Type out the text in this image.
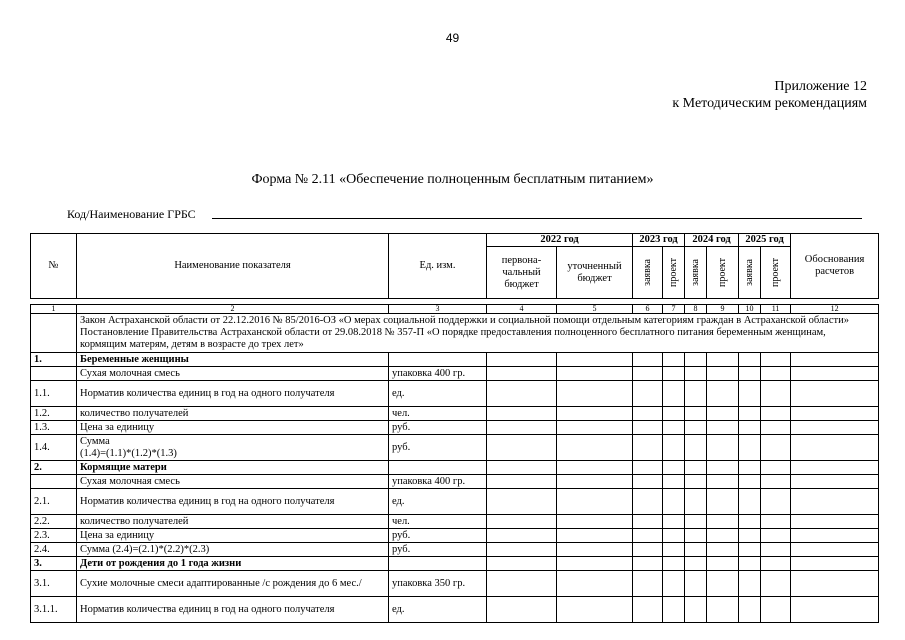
49
Приложение 12
к Методическим рекомендациям
Форма № 2.11 «Обеспечение полноценным бесплатным питанием»
Код/Наименование ГРБС
№	Наименование показателя	Ед. изм.	2022 год		2023 год		2024 год		2025 год		Обоснования расчетов
			первона-чальный бюджет	уточненный бюджет	заявка	проект	заявка	проект	заявка	проект	

1	2	3	4	5	6	7	8	9	10	11	12

	Закон Астраханской области от 22.12.2016 № 85/2016-ОЗ «О мерах социальной поддержки и социальной помощи отдельным категориям граждан в Астраханской области»
Постановление Правительства Астраханской области от 29.08.2018 № 357-П «О порядке предоставления полноценного бесплатного питания беременным женщинам, кормящим матерям, детям в возрасте до трех лет»										

1.	Беременные женщины										
	Сухая молочная смесь	упаковка 400 гр.									
1.1.	Норматив количества единиц в год на одного получателя	ед.									
1.2.	количество получателей	чел.									
1.3.	Цена за единицу	руб.									
1.4.	Сумма
(1.4)=(1.1)*(1.2)*(1.3)	руб.									
2.	Кормящие матери										
	Сухая молочная смесь	упаковка 400 гр.									
2.1.	Норматив количества единиц в год на одного получателя	ед.									
2.2.	количество получателей	чел.									
2.3.	Цена за единицу	руб.									
2.4.	Сумма (2.4)=(2.1)*(2.2)*(2.3)	руб.									
3.	Дети от рождения до 1 года жизни										
3.1.	Сухие молочные смеси адаптированные /с рождения до 6 мес./	упаковка 350 гр.									
3.1.1.	Норматив количества единиц в год на одного получателя	ед.									
